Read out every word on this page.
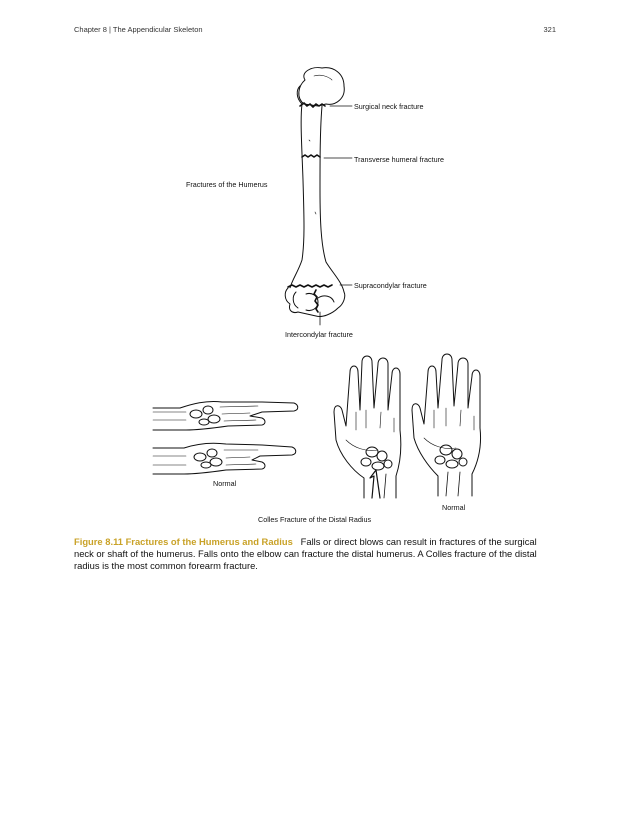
Chapter 8 | The Appendicular Skeleton	321
Fractures of the Humerus
Surgical neck fracture
Transverse humeral fracture
Supracondylar fracture
Intercondylar fracture
Normal
Normal
Colles Fracture of the Distal Radius
Figure 8.11 Fractures of the Humerus and Radius Falls or direct blows can result in fractures of the surgical neck or shaft of the humerus. Falls onto the elbow can fracture the distal humerus. A Colles fracture of the distal radius is the most common forearm fracture.
